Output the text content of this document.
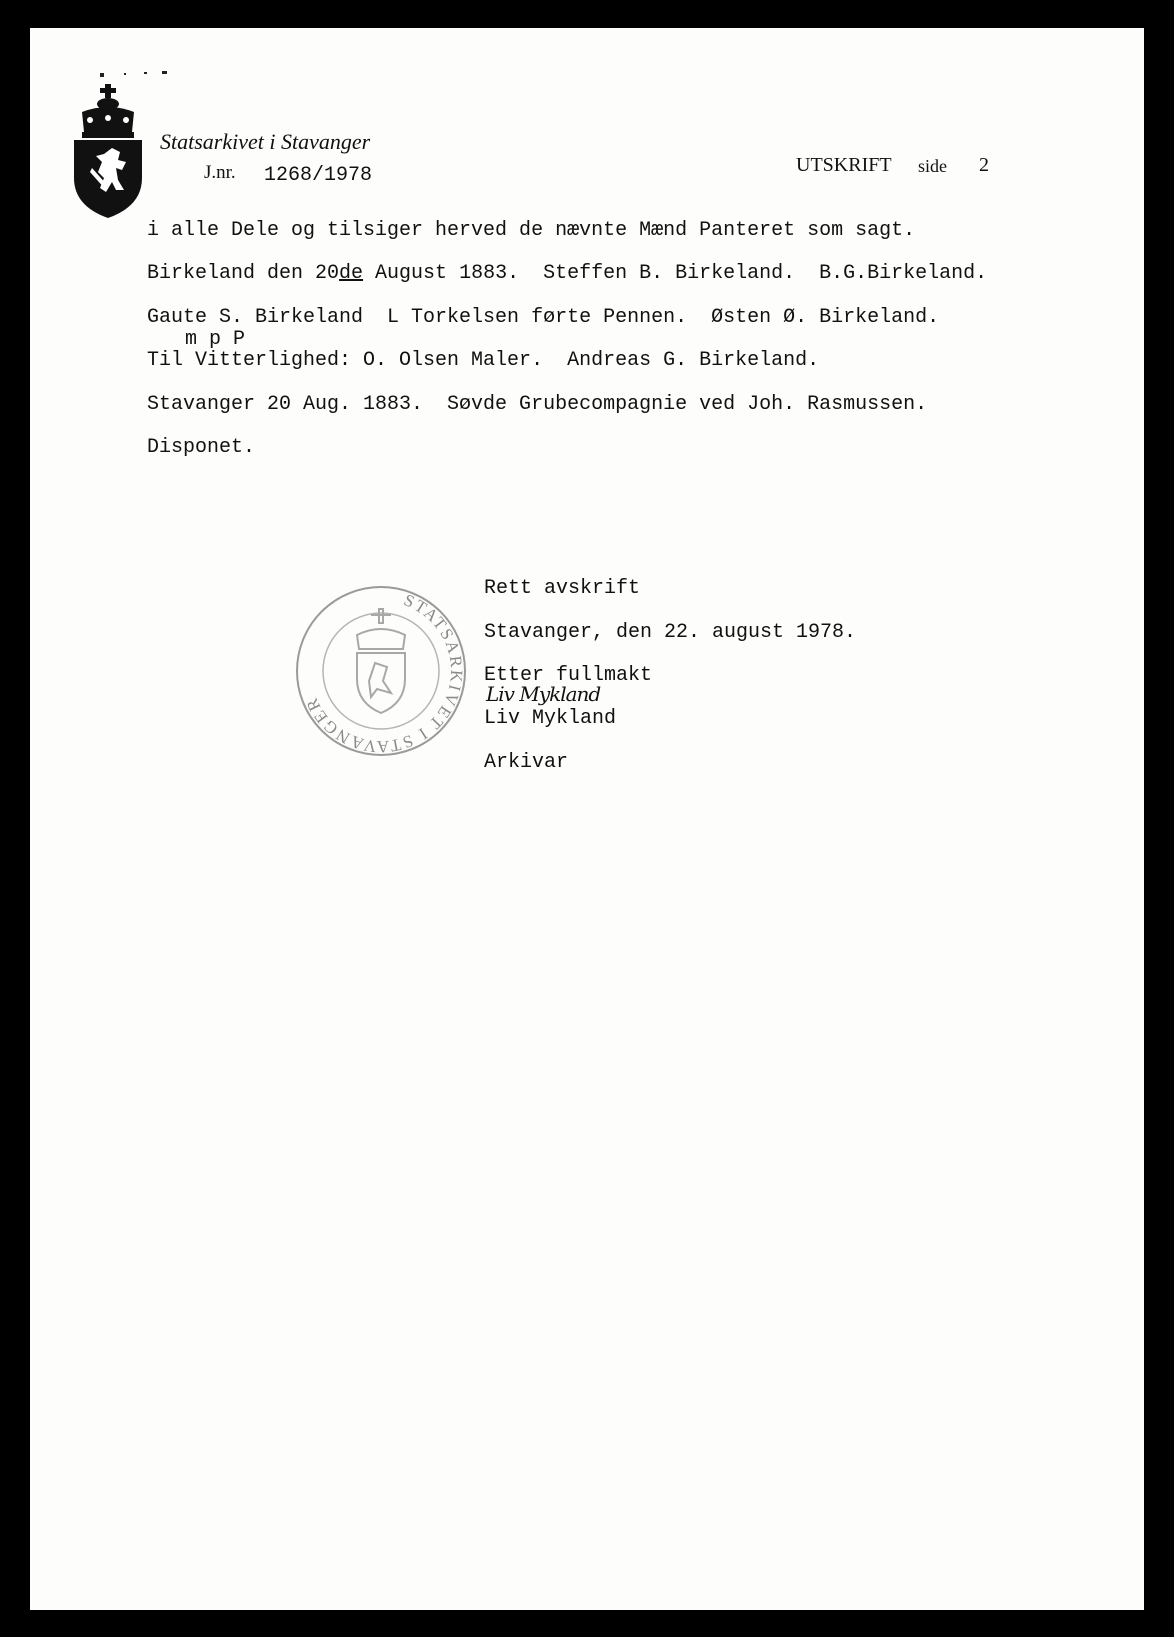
Statsarkivet i Stavanger
J.nr. 1268/1978	UTSKRIFT side 2
i alle Dele og tilsiger herved de nævnte Mænd Panteret som sagt.
Birkeland den 20de August 1883.  Steffen B. Birkeland.  B.G.Birkeland.
Gaute S. Birkeland  L Torkelsen førte Pennen.  Østen Ø. Birkeland.
m p P
Til Vitterlighed: O. Olsen Maler.  Andreas G. Birkeland.
Stavanger 20 Aug. 1883.  Søvde Grubecompagnie ved Joh. Rasmussen.
Disponet.
STATSARKIVET I STAVANGER
Rett avskrift
Stavanger, den 22. august 1978.
Etter fullmakt
Liv Mykland
Liv Mykland
Arkivar
